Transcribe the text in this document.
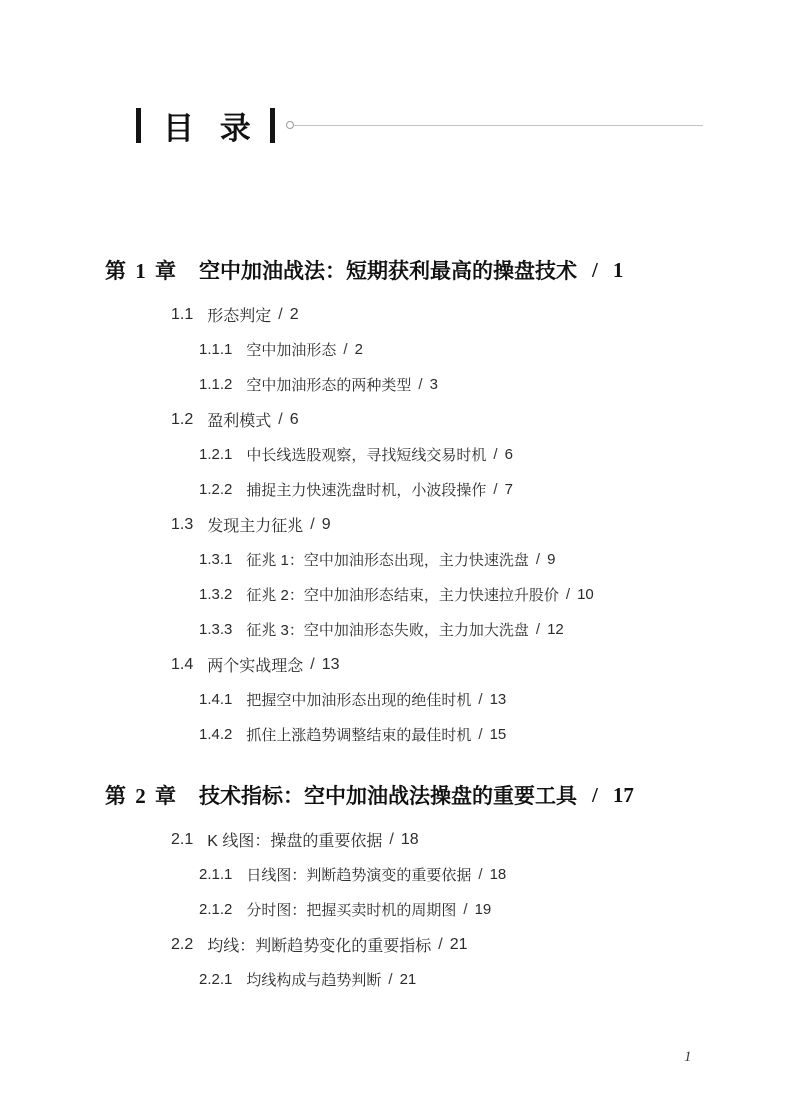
目 录
第 1 章 空中加油战法：短期获利最高的操盘技术 / 1
1.1 形态判定 / 2
1.1.1 空中加油形态 / 2
1.1.2 空中加油形态的两种类型 / 3
1.2 盈利模式 / 6
1.2.1 中长线选股观察，寻找短线交易时机 / 6
1.2.2 捕捉主力快速洗盘时机，小波段操作 / 7
1.3 发现主力征兆 / 9
1.3.1 征兆 1：空中加油形态出现，主力快速洗盘 / 9
1.3.2 征兆 2：空中加油形态结束，主力快速拉升股价 / 10
1.3.3 征兆 3：空中加油形态失败，主力加大洗盘 / 12
1.4 两个实战理念 / 13
1.4.1 把握空中加油形态出现的绝佳时机 / 13
1.4.2 抓住上涨趋势调整结束的最佳时机 / 15
第 2 章 技术指标：空中加油战法操盘的重要工具 / 17
2.1 K 线图：操盘的重要依据 / 18
2.1.1 日线图：判断趋势演变的重要依据 / 18
2.1.2 分时图：把握买卖时机的周期图 / 19
2.2 均线：判断趋势变化的重要指标 / 21
2.2.1 均线构成与趋势判断 / 21
1
